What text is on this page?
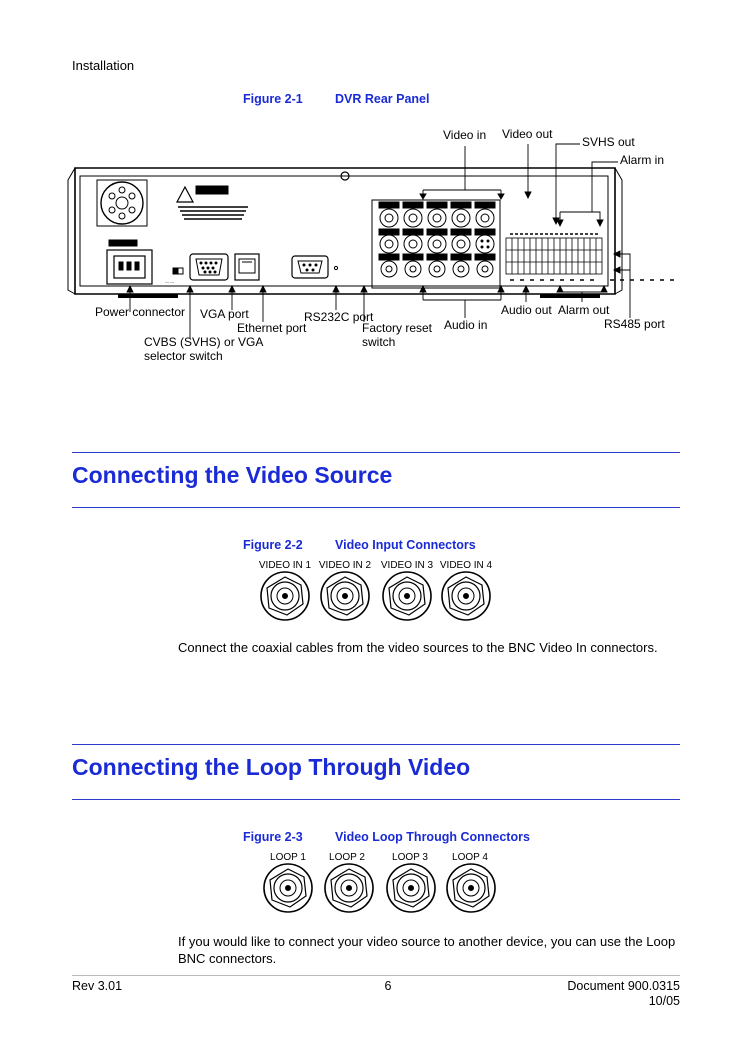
Installation
Figure 2-1	DVR Rear Panel
— —
Video in Video out
SVHS out
Alarm in
Power connector VGA port
Ethernet port
RS232C port
Factory reset
switch
Audio in
Audio out Alarm out
RS485 port
CVBS (SVHS) or VGA
selector switch
Connecting the Video Source
Figure 2-2	Video Input Connectors
VIDEO IN 1 VIDEO IN 2 VIDEO IN 3 VIDEO IN 4
Connect the coaxial cables from the video sources to the BNC Video In connectors.
Connecting the Loop Through Video
Figure 2-3	Video Loop Through Connectors
LOOP 1	LOOP 2	LOOP 3	LOOP 4
If you would like to connect your video source to another device, you can use the Loop BNC connectors.
Rev 3.01	6	Document 900.0315
10/05
